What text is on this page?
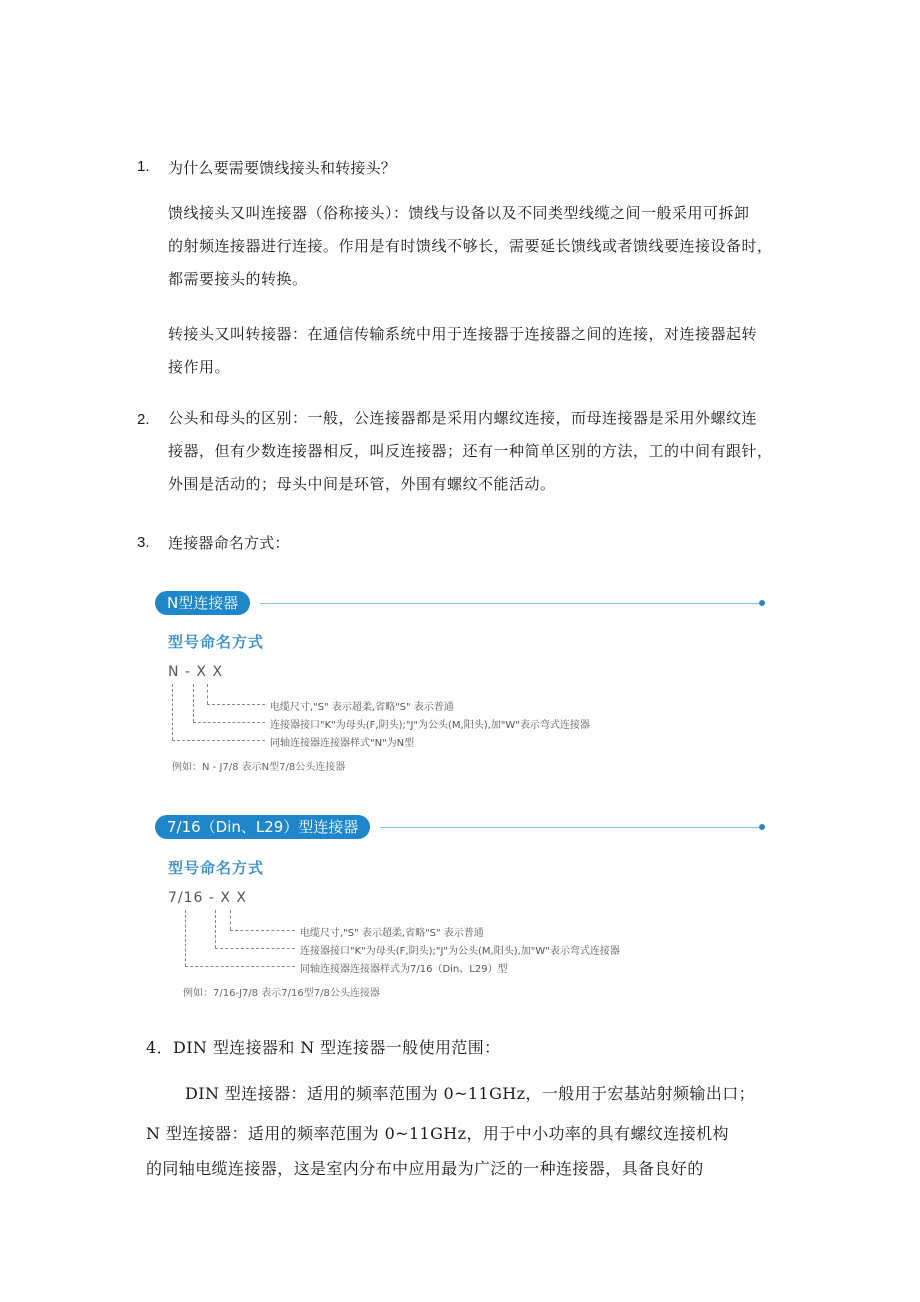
1. 为什么要需要馈线接头和转接头？
馈线接头又叫连接器（俗称接头）：馈线与设备以及不同类型线缆之间一般采用可拆卸
的射频连接器进行连接。作用是有时馈线不够长，需要延长馈线或者馈线要连接设备时，
都需要接头的转换。
转接头又叫转接器：在通信传输系统中用于连接器于连接器之间的连接，对连接器起转
接作用。
2. 公头和母头的区别：一般，公连接器都是采用内螺纹连接，而母连接器是采用外螺纹连
接器，但有少数连接器相反，叫反连接器；还有一种简单区别的方法，工的中间有跟针，
外围是活动的；母头中间是环管，外围有螺纹不能活动。
3. 连接器命名方式：
N型连接器
型号命名方式
N - X X
电缆尺寸,"S" 表示超柔,省略"S" 表示普通
连接器接口"K"为母头(F,阴头);"J"为公头(M,阳头),加"W"表示弯式连接器
同轴连接器连接器样式"N"为N型
例如：N - J7/8 表示N型7/8公头连接器
7/16（Din、L29）型连接器
型号命名方式
7/16 - X X
电缆尺寸,"S" 表示超柔,省略"S" 表示普通
连接器接口"K"为母头(F,阴头);"J"为公头(M,阳头),加"W"表示弯式连接器
同轴连接器连接器样式为7/16（Din、L29）型
例如：7/16-J7/8 表示7/16型7/8公头连接器
4．DIN 型连接器和 N 型连接器一般使用范围：
DIN 型连接器：适用的频率范围为 0~11GHz，一般用于宏基站射频输出口；
N 型连接器：适用的频率范围为 0~11GHz，用于中小功率的具有螺纹连接机构
的同轴电缆连接器，这是室内分布中应用最为广泛的一种连接器，具备良好的
